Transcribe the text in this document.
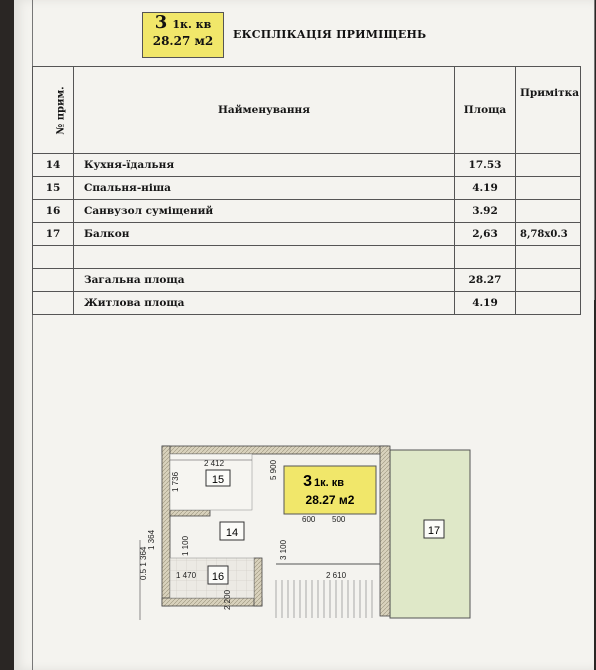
3 1к. кв
28.27 м2	ЕКСПЛІКАЦІЯ ПРИМІЩЕНЬ
№ прим.	Найменування	Площа	Примітка
14	Кухня-їдальня	17.53	
15	Спальня-ніша	4.19	
16	Санвузол суміщений	3.92	
17	Балкон	2,63	8,78х0.3

	Загальна площа	28.27	
	Житлова площа	4.19	
17
15
14
16
3 1к. кв
28.27 м2
2 412
1 736
5 900
600 500
2 610
1 470
1 100
2 200
1 364	3 100
0.5 1 364
